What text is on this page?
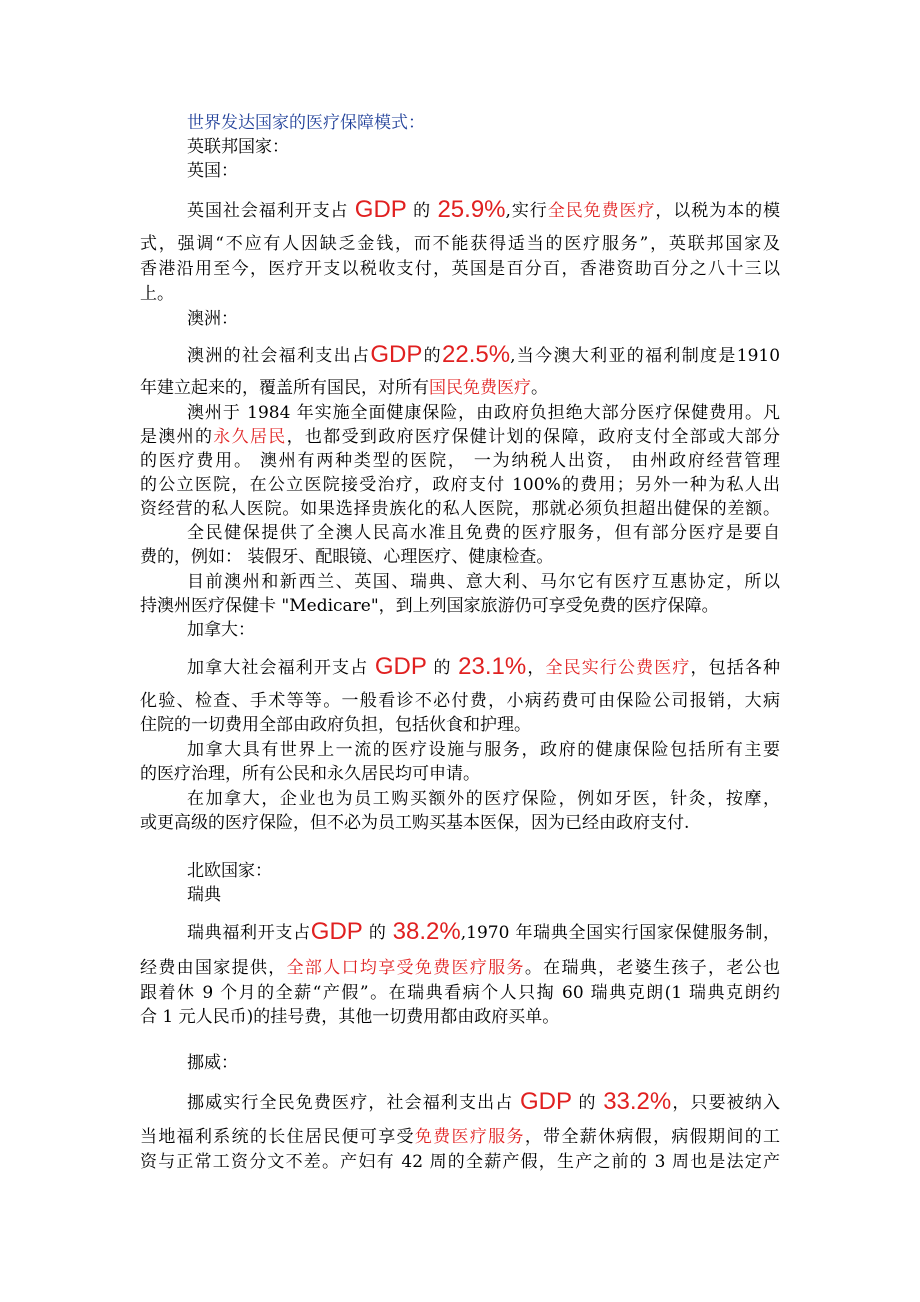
世界发达国家的医疗保障模式：
英联邦国家：
英国：
英国社会福利开支占 GDP 的 25.9%,实行全民免费医疗，以税为本的模
式，强调“不应有人因缺乏金钱，而不能获得适当的医疗服务”，英联邦国家及
香港沿用至今，医疗开支以税收支付，英国是百分百，香港资助百分之八十三以
上。
澳洲：
澳洲的社会福利支出占GDP的22.5%,当今澳大利亚的福利制度是1910
年建立起来的，覆盖所有国民，对所有国民免费医疗。
澳州于 1984 年实施全面健康保险，由政府负担绝大部分医疗保健费用。凡
是澳州的永久居民，也都受到政府医疗保健计划的保障，政府支付全部或大部分
的医疗费用。 澳州有两种类型的医院， 一为纳税人出资， 由州政府经营管理
的公立医院，在公立医院接受治疗，政府支付 100%的费用；另外一种为私人出
资经营的私人医院。如果选择贵族化的私人医院，那就必须负担超出健保的差额。
全民健保提供了全澳人民高水准且免费的医疗服务，但有部分医疗是要自
费的，例如： 装假牙、配眼镜、心理医疗、健康检查。
目前澳州和新西兰、英国、瑞典、意大利、马尔它有医疗互惠协定，所以
持澳州医疗保健卡 "Medicare"，到上列国家旅游仍可享受免费的医疗保障。
加拿大：
加拿大社会福利开支占 GDP 的 23.1%，全民实行公费医疗，包括各种
化验、检查、手术等等。一般看诊不必付费，小病药费可由保险公司报销，大病
住院的一切费用全部由政府负担，包括伙食和护理。
加拿大具有世界上一流的医疗设施与服务，政府的健康保险包括所有主要
的医疗治理，所有公民和永久居民均可申请。
在加拿大，企业也为员工购买额外的医疗保险，例如牙医，针灸，按摩，
或更高级的医疗保险，但不必为员工购买基本医保，因为已经由政府支付.
北欧国家：
瑞典
瑞典福利开支占GDP 的 38.2%,1970 年瑞典全国实行国家保健服务制，
经费由国家提供，全部人口均享受免费医疗服务。在瑞典，老婆生孩子，老公也
跟着休 9 个月的全薪“产假”。在瑞典看病个人只掏 60 瑞典克朗(1 瑞典克朗约
合 1 元人民币)的挂号费，其他一切费用都由政府买单。
挪威：
挪威实行全民免费医疗，社会福利支出占 GDP 的 33.2%，只要被纳入
当地福利系统的长住居民便可享受免费医疗服务，带全薪休病假，病假期间的工
资与正常工资分文不差。产妇有 42 周的全薪产假，生产之前的 3 周也是法定产
